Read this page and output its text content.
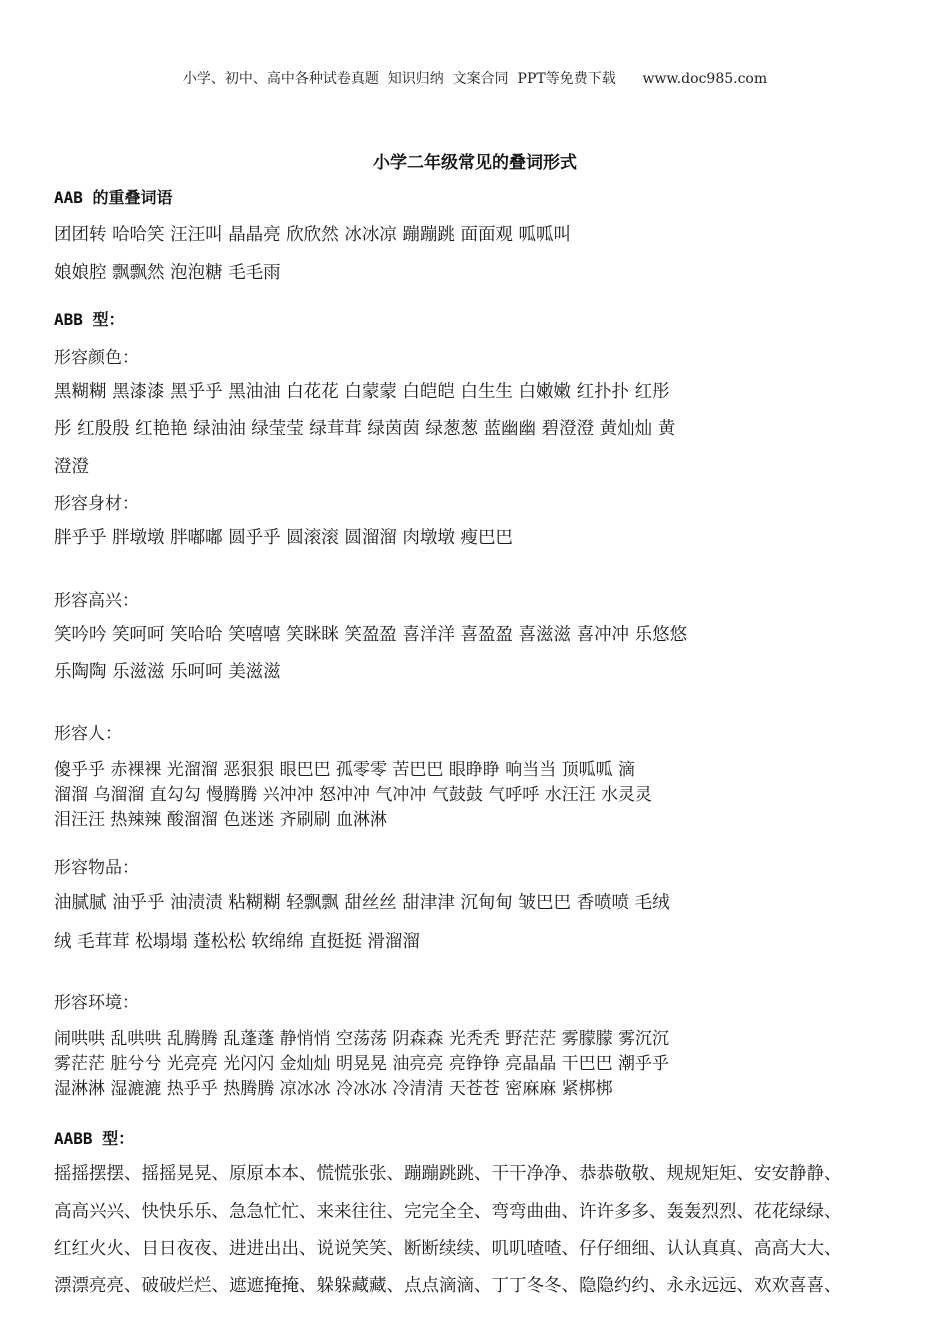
小学、初中、高中各种试卷真题  知识归纳  文案合同  PPT等免费下载      www.doc985.com
小学二年级常见的叠词形式
AAB 的重叠词语
团团转 哈哈笑 汪汪叫 晶晶亮 欣欣然 冰冰凉 蹦蹦跳 面面观 呱呱叫
娘娘腔 飘飘然 泡泡糖 毛毛雨
ABB 型：
形容颜色：
黑糊糊 黑漆漆 黑乎乎 黑油油 白花花 白蒙蒙 白皑皑 白生生 白嫩嫩 红扑扑 红彤
彤 红殷殷 红艳艳 绿油油 绿莹莹 绿茸茸 绿茵茵 绿葱葱 蓝幽幽 碧澄澄 黄灿灿 黄
澄澄
形容身材：
胖乎乎 胖墩墩 胖嘟嘟 圆乎乎 圆滚滚 圆溜溜 肉墩墩 瘦巴巴
形容高兴：
笑吟吟 笑呵呵 笑哈哈 笑嘻嘻 笑眯眯 笑盈盈 喜洋洋 喜盈盈 喜滋滋 喜冲冲 乐悠悠
乐陶陶 乐滋滋 乐呵呵 美滋滋
形容人：
傻乎乎 赤裸裸 光溜溜 恶狠狠 眼巴巴 孤零零 苦巴巴 眼睁睁 响当当 顶呱呱 滴
溜溜 乌溜溜 直勾勾 慢腾腾 兴冲冲 怒冲冲 气冲冲 气鼓鼓 气呼呼 水汪汪 水灵灵
泪汪汪 热辣辣 酸溜溜 色迷迷 齐刷刷 血淋淋
形容物品：
油腻腻 油乎乎 油渍渍 粘糊糊 轻飘飘 甜丝丝 甜津津 沉甸甸 皱巴巴 香喷喷 毛绒
绒 毛茸茸 松塌塌 蓬松松 软绵绵 直挺挺 滑溜溜
形容环境：
闹哄哄 乱哄哄 乱腾腾 乱蓬蓬 静悄悄 空荡荡 阴森森 光秃秃 野茫茫 雾朦朦 雾沉沉
雾茫茫 脏兮兮 光亮亮 光闪闪 金灿灿 明晃晃 油亮亮 亮铮铮 亮晶晶 干巴巴 潮乎乎
湿淋淋 湿漉漉 热乎乎 热腾腾 凉冰冰 冷冰冰 冷清清 天苍苍 密麻麻 紧梆梆
AABB 型：
摇摇摆摆、摇摇晃晃、原原本本、慌慌张张、蹦蹦跳跳、干干净净、恭恭敬敬、规规矩矩、安安静静、
高高兴兴、快快乐乐、急急忙忙、来来往往、完完全全、弯弯曲曲、许许多多、轰轰烈烈、花花绿绿、
红红火火、日日夜夜、进进出出、说说笑笑、断断续续、叽叽喳喳、仔仔细细、认认真真、高高大大、
漂漂亮亮、破破烂烂、遮遮掩掩、躲躲藏藏、点点滴滴、丁丁冬冬、隐隐约约、永永远远、欢欢喜喜、
